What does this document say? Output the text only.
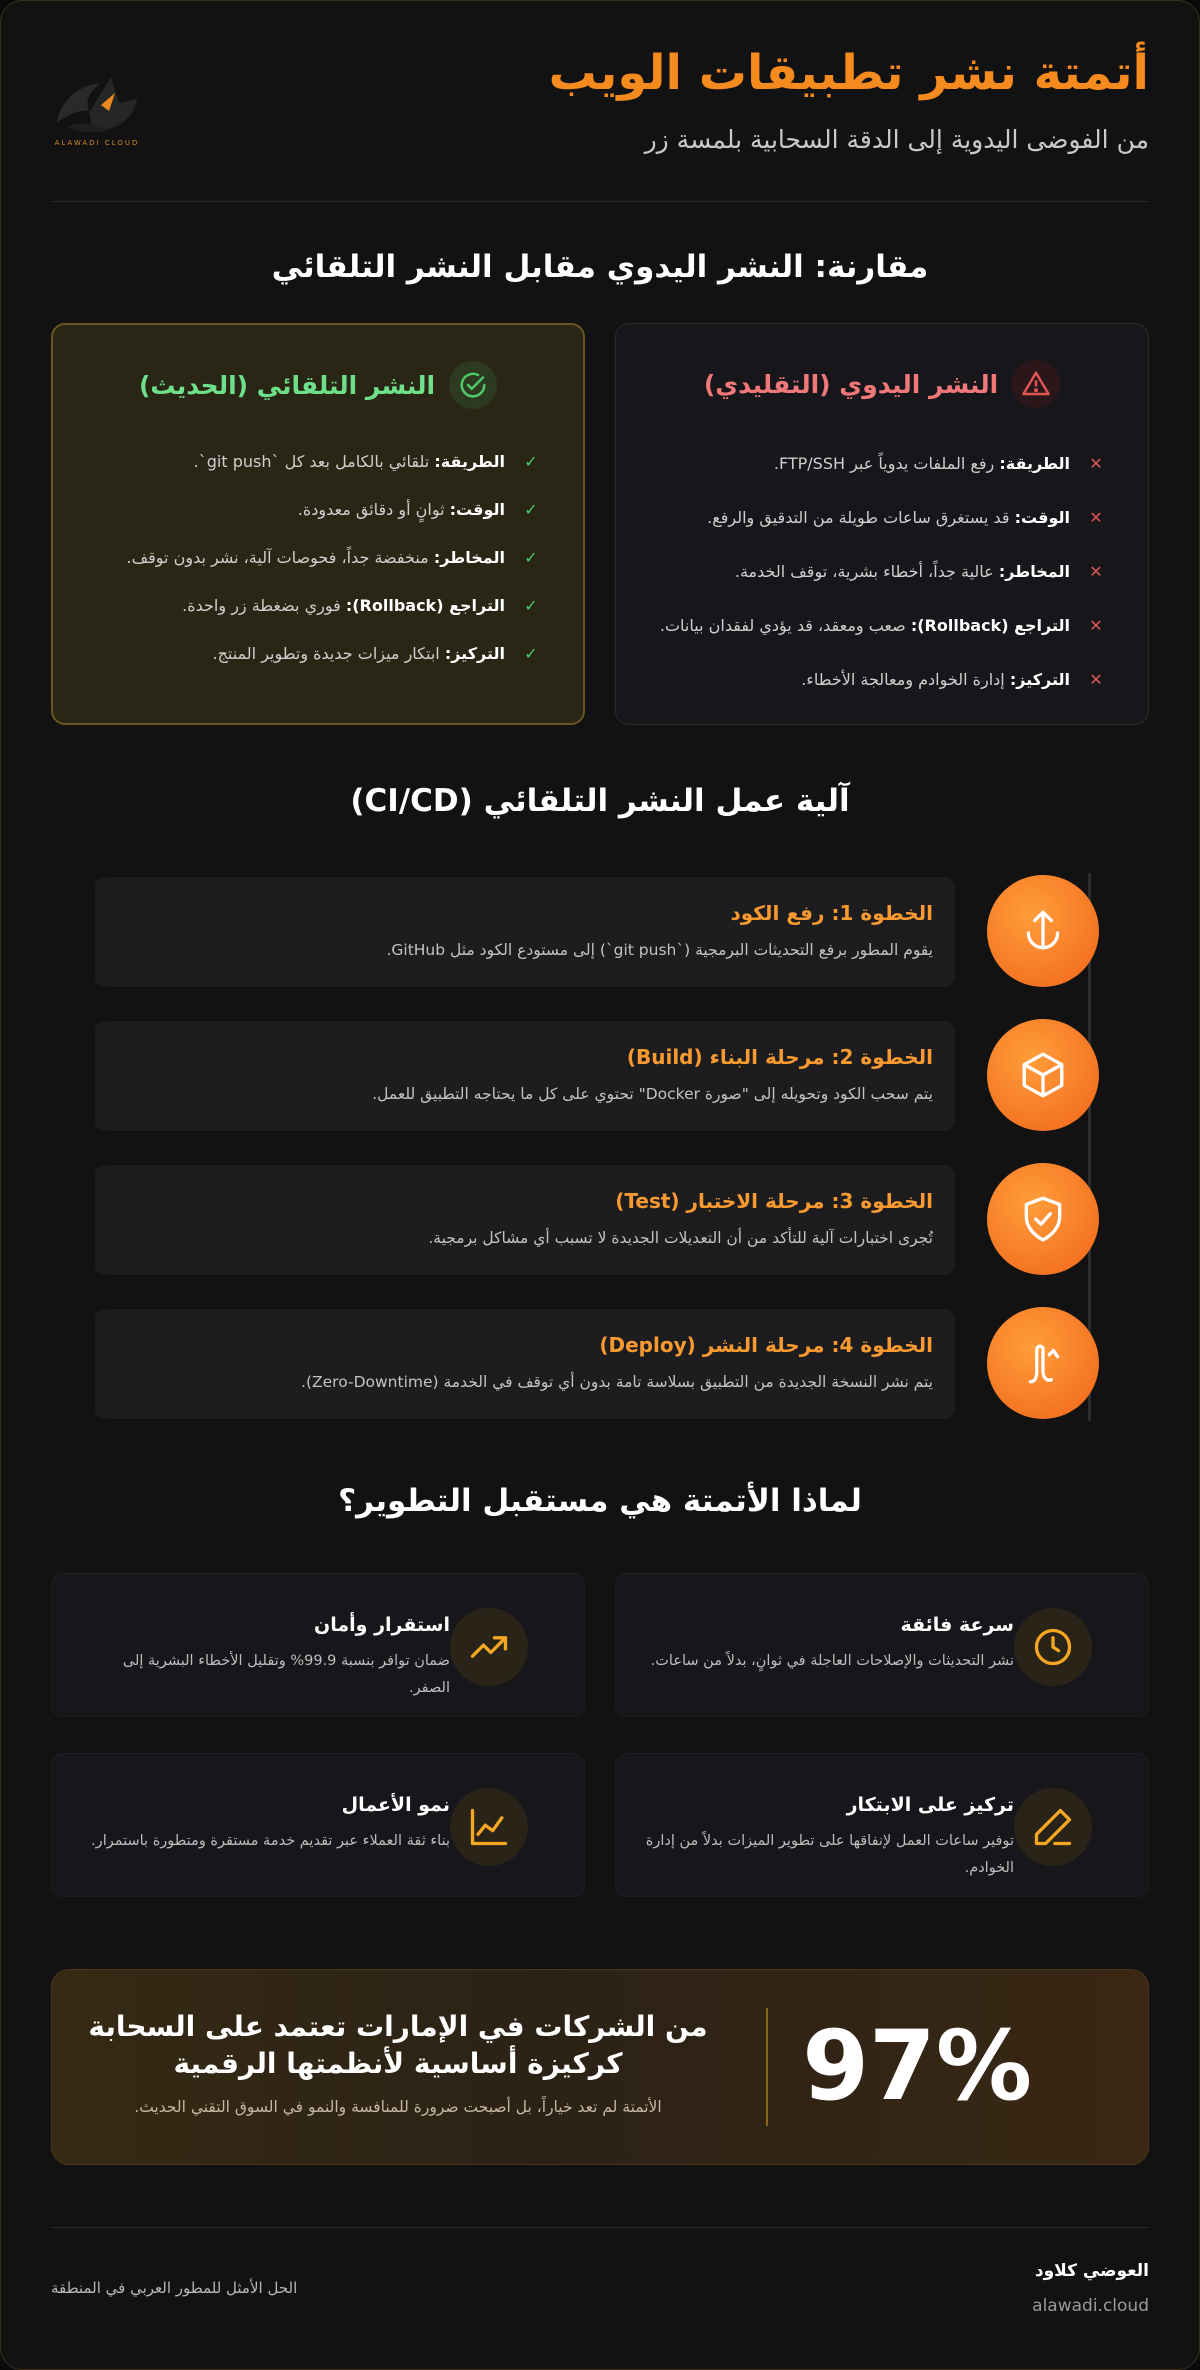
أتمتة نشر تطبيقات الويب
من الفوضى اليدوية إلى الدقة السحابية بلمسة زر
ALAWADI CLOUD
مقارنة: النشر اليدوي مقابل النشر التلقائي
النشر اليدوي (التقليدي)
✕
الطريقة: رفع الملفات يدوياً عبر FTP/SSH.
✕
الوقت: قد يستغرق ساعات طويلة من التدقيق والرفع.
✕
المخاطر: عالية جداً، أخطاء بشرية، توقف الخدمة.
✕
التراجع (Rollback): صعب ومعقد، قد يؤدي لفقدان بيانات.
✕
التركيز: إدارة الخوادم ومعالجة الأخطاء.
النشر التلقائي (الحديث)
✓
الطريقة: تلقائي بالكامل بعد كل `git push`.
✓
الوقت: ثوانٍ أو دقائق معدودة.
✓
المخاطر: منخفضة جداً، فحوصات آلية، نشر بدون توقف.
✓
التراجع (Rollback): فوري بضغطة زر واحدة.
✓
التركيز: ابتكار ميزات جديدة وتطوير المنتج.
آلية عمل النشر التلقائي (CI/CD)
الخطوة 1: رفع الكود
يقوم المطور برفع التحديثات البرمجية (`git push`) إلى مستودع الكود مثل GitHub.
الخطوة 2: مرحلة البناء (Build)
يتم سحب الكود وتحويله إلى "صورة Docker" تحتوي على كل ما يحتاجه التطبيق للعمل.
الخطوة 3: مرحلة الاختبار (Test)
تُجرى اختبارات آلية للتأكد من أن التعديلات الجديدة لا تسبب أي مشاكل برمجية.
الخطوة 4: مرحلة النشر (Deploy)
يتم نشر النسخة الجديدة من التطبيق بسلاسة تامة بدون أي توقف في الخدمة (Zero-Downtime).
لماذا الأتمتة هي مستقبل التطوير؟
سرعة فائقة
نشر التحديثات والإصلاحات العاجلة في ثوانٍ، بدلاً من ساعات.
استقرار وأمان
ضمان توافر بنسبة 99.9% وتقليل الأخطاء البشرية إلى الصفر.
تركيز على الابتكار
توفير ساعات العمل لإنفاقها على تطوير الميزات بدلاً من إدارة الخوادم.
نمو الأعمال
بناء ثقة العملاء عبر تقديم خدمة مستقرة ومتطورة باستمرار.
97%
من الشركات في الإمارات تعتمد على السحابة كركيزة أساسية لأنظمتها الرقمية
الأتمتة لم تعد خياراً، بل أصبحت ضرورة للمنافسة والنمو في السوق التقني الحديث.
العوضي كلاود
alawadi.cloud
الحل الأمثل للمطور العربي في المنطقة
